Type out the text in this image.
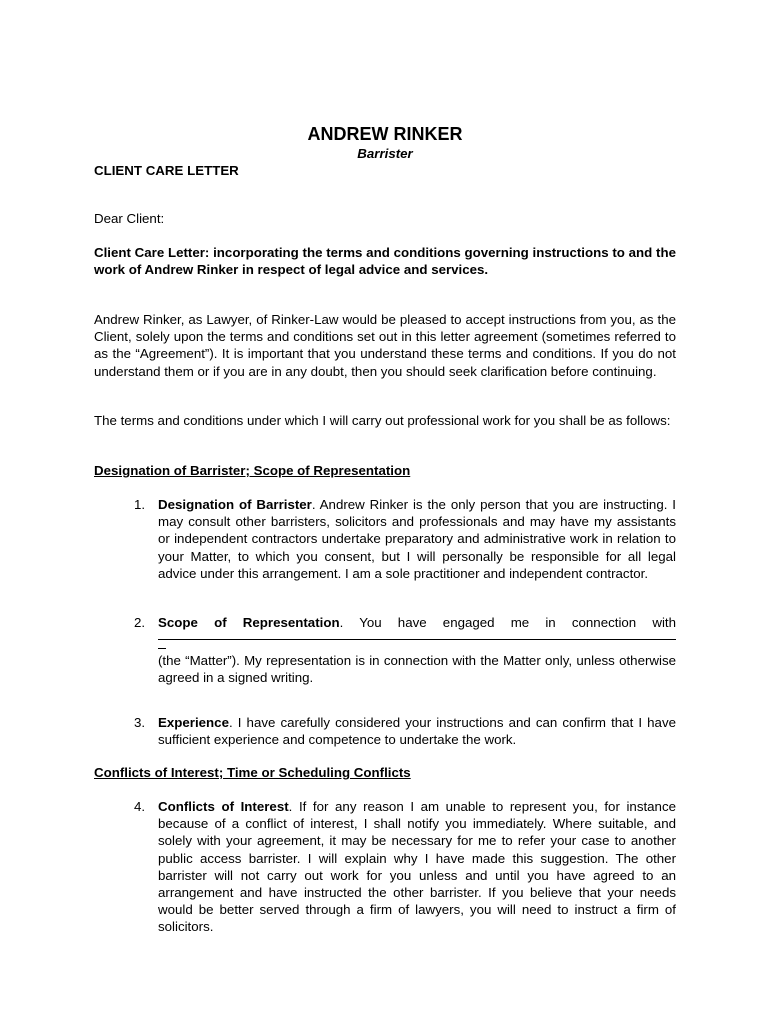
ANDREW RINKER
Barrister
CLIENT CARE LETTER
Dear Client:
Client Care Letter: incorporating the terms and conditions governing instructions to and the work of Andrew Rinker in respect of legal advice and services.
Andrew Rinker, as Lawyer, of Rinker-Law would be pleased to accept instructions from you, as the Client, solely upon the terms and conditions set out in this letter agreement (sometimes referred to as the “Agreement”). It is important that you understand these terms and conditions. If you do not understand them or if you are in any doubt, then you should seek clarification before continuing.
The terms and conditions under which I will carry out professional work for you shall be as follows:
Designation of Barrister; Scope of Representation
1. Designation of Barrister. Andrew Rinker is the only person that you are instructing. I may consult other barristers, solicitors and professionals and may have my assistants or independent contractors undertake preparatory and administrative work in relation to your Matter, to which you consent, but I will personally be responsible for all legal advice under this arrangement. I am a sole practitioner and independent contractor.
2. Scope of Representation. You have engaged me in connection with
(the “Matter”). My representation is in connection with the Matter only, unless otherwise agreed in a signed writing.
3. Experience. I have carefully considered your instructions and can confirm that I have sufficient experience and competence to undertake the work.
Conflicts of Interest; Time or Scheduling Conflicts
4. Conflicts of Interest. If for any reason I am unable to represent you, for instance because of a conflict of interest, I shall notify you immediately. Where suitable, and solely with your agreement, it may be necessary for me to refer your case to another public access barrister. I will explain why I have made this suggestion. The other barrister will not carry out work for you unless and until you have agreed to an arrangement and have instructed the other barrister. If you believe that your needs would be better served through a firm of lawyers, you will need to instruct a firm of solicitors.
